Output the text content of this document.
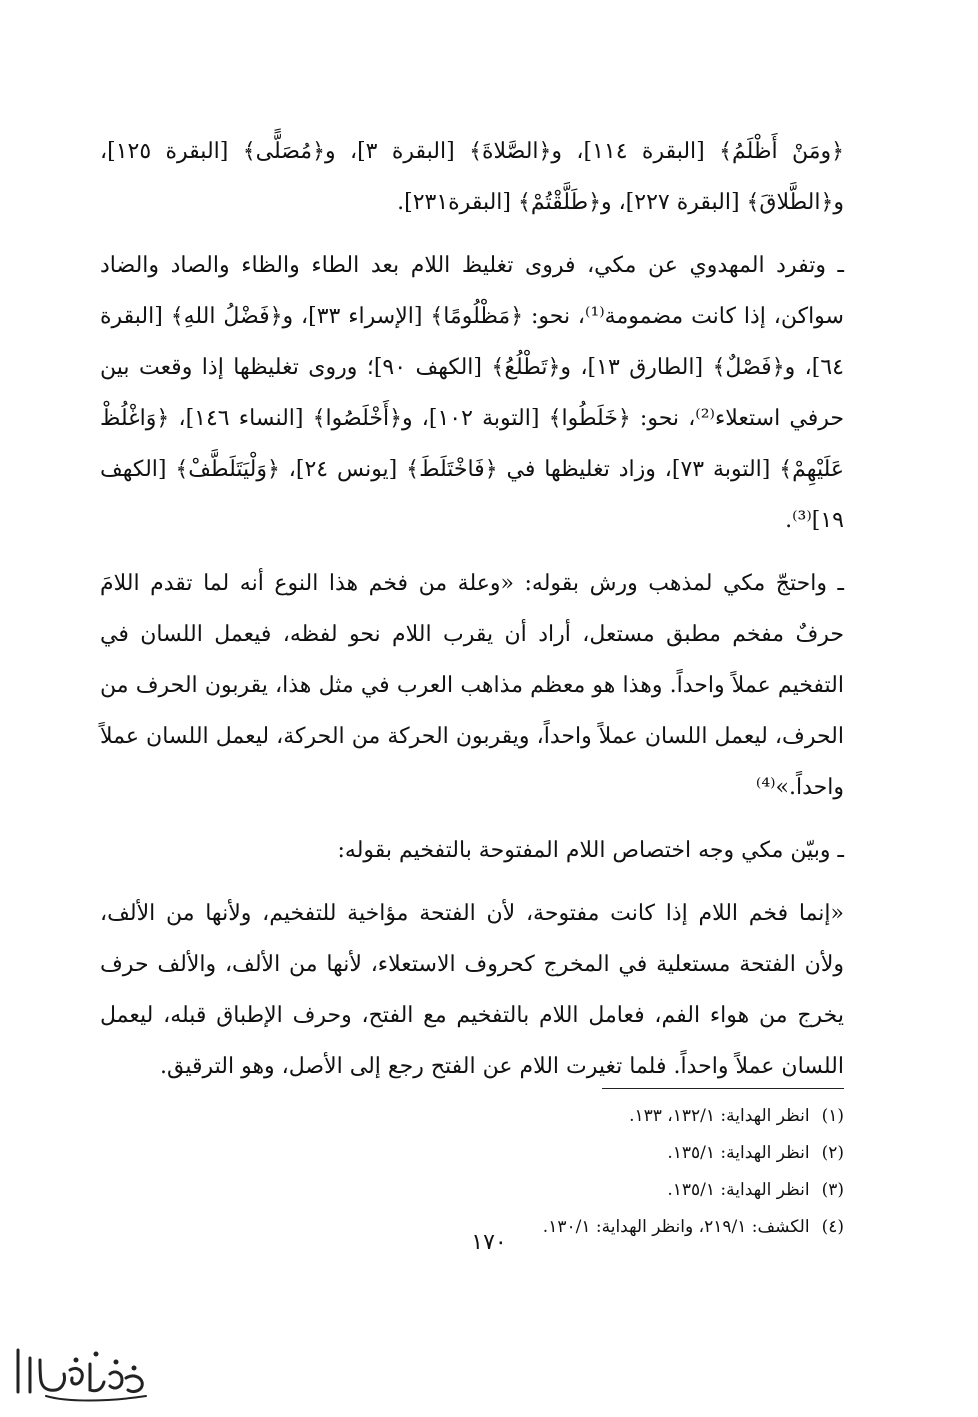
﴿ومَنْ أَظْلَمُ﴾ [البقرة ١١٤]، و﴿الصَّلاةَ﴾ [البقرة ٣]، و﴿مُصَلًّى﴾ [البقرة ١٢٥]، و﴿الطَّلاقَ﴾ [البقرة ٢٢٧]، و﴿طَلَّقْتُمْ﴾ [البقرة٢٣١].

ـ وتفرد المهدوي عن مكي، فروى تغليظ اللام بعد الطاء والظاء والصاد والضاد سواكن، إذا كانت مضمومة⁽¹⁾، نحو: ﴿مَظْلُومًا﴾ [الإسراء ٣٣]، و﴿فَضْلُ اللهِ﴾ [البقرة ٦٤]، و﴿فَصْلٌ﴾ [الطارق ١٣]، و﴿تَطْلُعُ﴾ [الكهف ٩٠]؛ وروى تغليظها إذا وقعت بين حرفي استعلاء⁽²⁾، نحو: ﴿خَلَطُوا﴾ [التوبة ١٠٢]، و﴿أَخْلَصُوا﴾ [النساء ١٤٦]، ﴿وَاغْلُظْ عَلَيْهِمْ﴾ [التوبة ٧٣]، وزاد تغليظها في ﴿فَاخْتَلَطَ﴾ [يونس ٢٤]، ﴿وَلْيَتَلَطَّفْ﴾ [الكهف ١٩]⁽³⁾.

ـ واحتجّ مكي لمذهب ورش بقوله: «وعلة من فخم هذا النوع أنه لما تقدم اللامَ حرفٌ مفخم مطبق مستعل، أراد أن يقرب اللام نحو لفظه، فيعمل اللسان في التفخيم عملاً واحداً. وهذا هو معظم مذاهب العرب في مثل هذا، يقربون الحرف من الحرف، ليعمل اللسان عملاً واحداً، ويقربون الحركة من الحركة، ليعمل اللسان عملاً واحداً.»⁽⁴⁾

ـ وبيّن مكي وجه اختصاص اللام المفتوحة بالتفخيم بقوله:

«إنما فخم اللام إذا كانت مفتوحة، لأن الفتحة مؤاخية للتفخيم، ولأنها من الألف، ولأن الفتحة مستعلية في المخرج كحروف الاستعلاء، لأنها من الألف، والألف حرف يخرج من هواء الفم، فعامل اللام بالتفخيم مع الفتح، وحرف الإطباق قبله، ليعمل اللسان عملاً واحداً. فلما تغيرت اللام عن الفتح رجع إلى الأصل، وهو الترقيق.

(١)انظر الهداية: ١٣٢/١، ١٣٣.
(٢)انظر الهداية: ١٣٥/١.
(٣)انظر الهداية: ١٣٥/١.
(٤)الكشف: ٢١٩/١، وانظر الهداية: ١٣٠/١.
١٧٠
